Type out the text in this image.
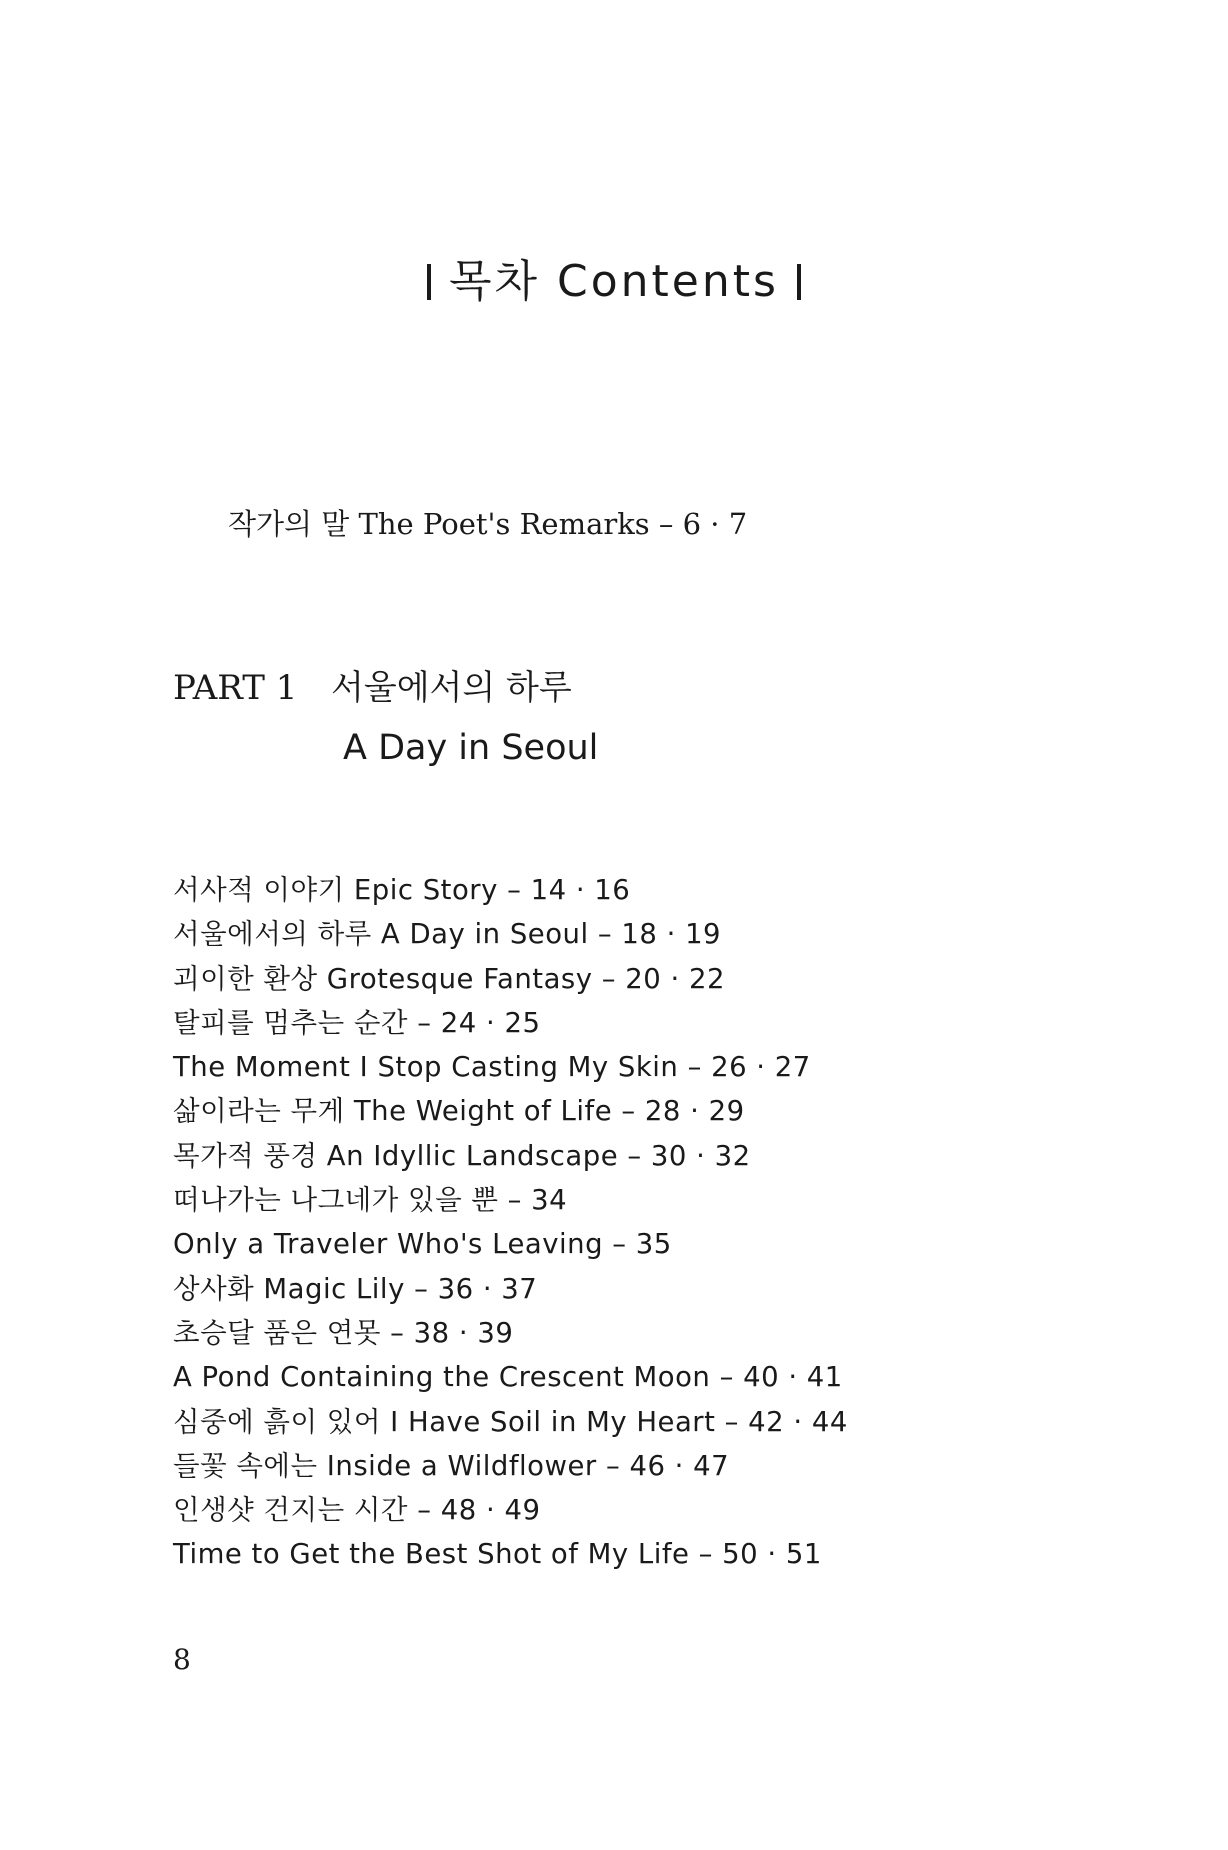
목차 Contents
작가의 말 The Poet's Remarks – 6 · 7
PART 1 서울에서의 하루
A Day in Seoul
서사적 이야기 Epic Story – 14 · 16
서울에서의 하루 A Day in Seoul – 18 · 19
괴이한 환상 Grotesque Fantasy – 20 · 22
탈피를 멈추는 순간 – 24 · 25
The Moment I Stop Casting My Skin – 26 · 27
삶이라는 무게 The Weight of Life – 28 · 29
목가적 풍경 An Idyllic Landscape – 30 · 32
떠나가는 나그네가 있을 뿐 – 34
Only a Traveler Who's Leaving – 35
상사화 Magic Lily – 36 · 37
초승달 품은 연못 – 38 · 39
A Pond Containing the Crescent Moon – 40 · 41
심중에 흙이 있어 I Have Soil in My Heart – 42 · 44
들꽃 속에는 Inside a Wildflower – 46 · 47
인생샷 건지는 시간 – 48 · 49
Time to Get the Best Shot of My Life – 50 · 51
8
